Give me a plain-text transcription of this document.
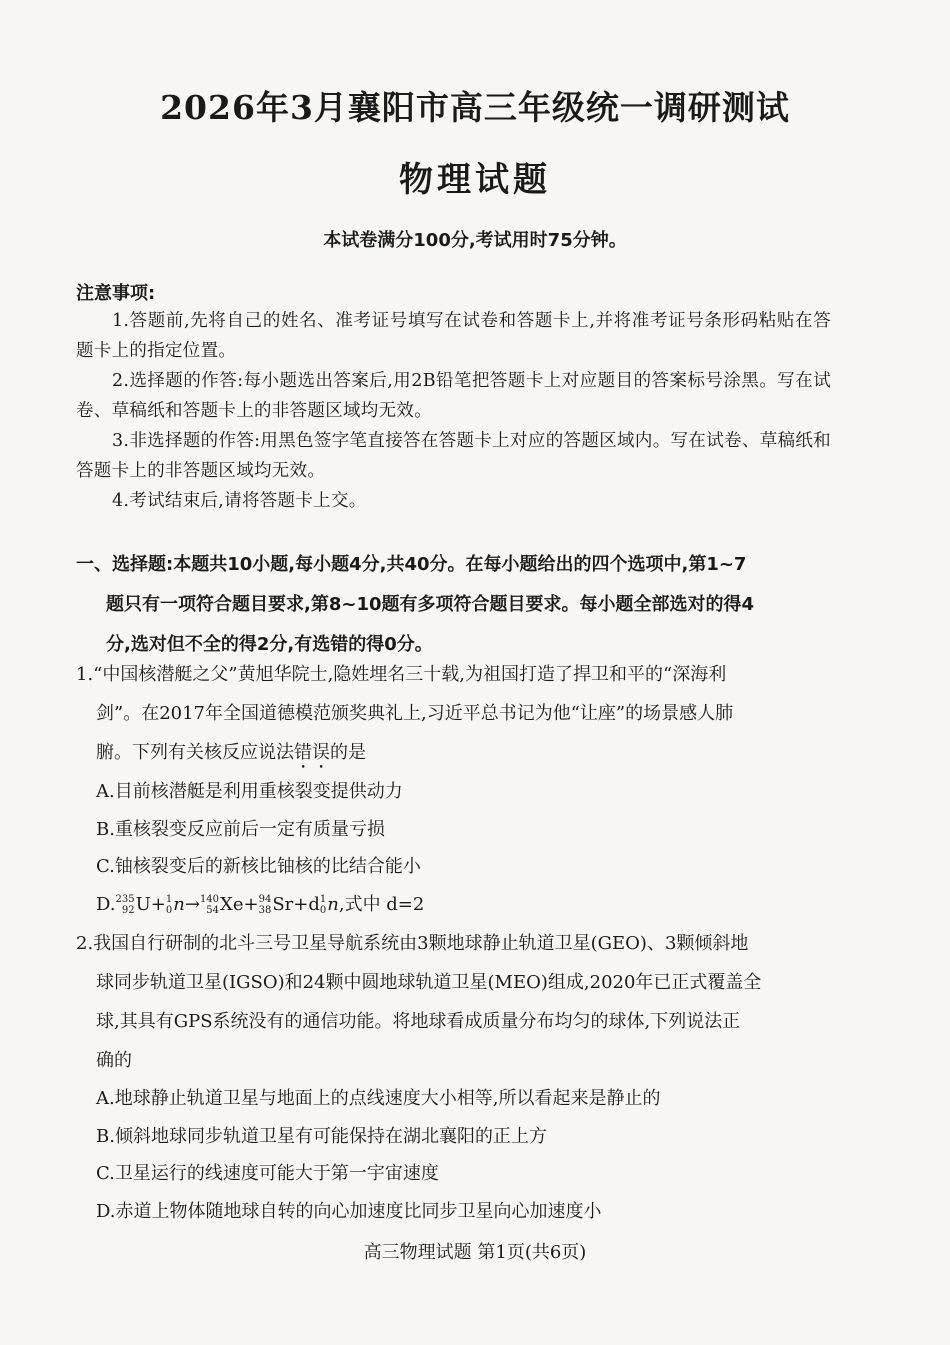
2026年3月襄阳市高三年级统一调研测试
物理试题
本试卷满分100分,考试用时75分钟。
注意事项:

1.答题前,先将自己的姓名、准考证号填写在试卷和答题卡上,并将准考证号条形码粘贴在答题卡上的指定位置。

2.选择题的作答:每小题选出答案后,用2B铅笔把答题卡上对应题目的答案标号涂黑。写在试卷、草稿纸和答题卡上的非答题区域均无效。

3.非选择题的作答:用黑色签字笔直接答在答题卡上对应的答题区域内。写在试卷、草稿纸和答题卡上的非答题区域均无效。

4.考试结束后,请将答题卡上交。

一、选择题:本题共10小题,每小题4分,共40分。在每小题给出的四个选项中,第1~7
题只有一项符合题目要求,第8~10题有多项符合题目要求。每小题全部选对的得4
分,选对但不全的得2分,有选错的得0分。

1.“中国核潜艇之父”黄旭华院士,隐姓埋名三十载,为祖国打造了捍卫和平的“深海利

剑”。在2017年全国道德模范颁奖典礼上,习近平总书记为他“让座”的场景感人肺

腑。下列有关核反应说法错误的是

A.目前核潜艇是利用重核裂变提供动力

B.重核裂变反应前后一定有质量亏损

C.铀核裂变后的新核比铀核的比结合能小

D. 235
92 U+ 1
0 n→ 140
54 Xe+ 94
38 Sr+d 1
0 n,式中 d=2

2.我国自行研制的北斗三号卫星导航系统由3颗地球静止轨道卫星(GEO)、3颗倾斜地

球同步轨道卫星(IGSO)和24颗中圆地球轨道卫星(MEO)组成,2020年已正式覆盖全

球,其具有GPS系统没有的通信功能。将地球看成质量分布均匀的球体,下列说法正

确的

A.地球静止轨道卫星与地面上的点线速度大小相等,所以看起来是静止的

B.倾斜地球同步轨道卫星有可能保持在湖北襄阳的正上方

C.卫星运行的线速度可能大于第一宇宙速度

D.赤道上物体随地球自转的向心加速度比同步卫星向心加速度小

高三物理试题 第1页(共6页)
